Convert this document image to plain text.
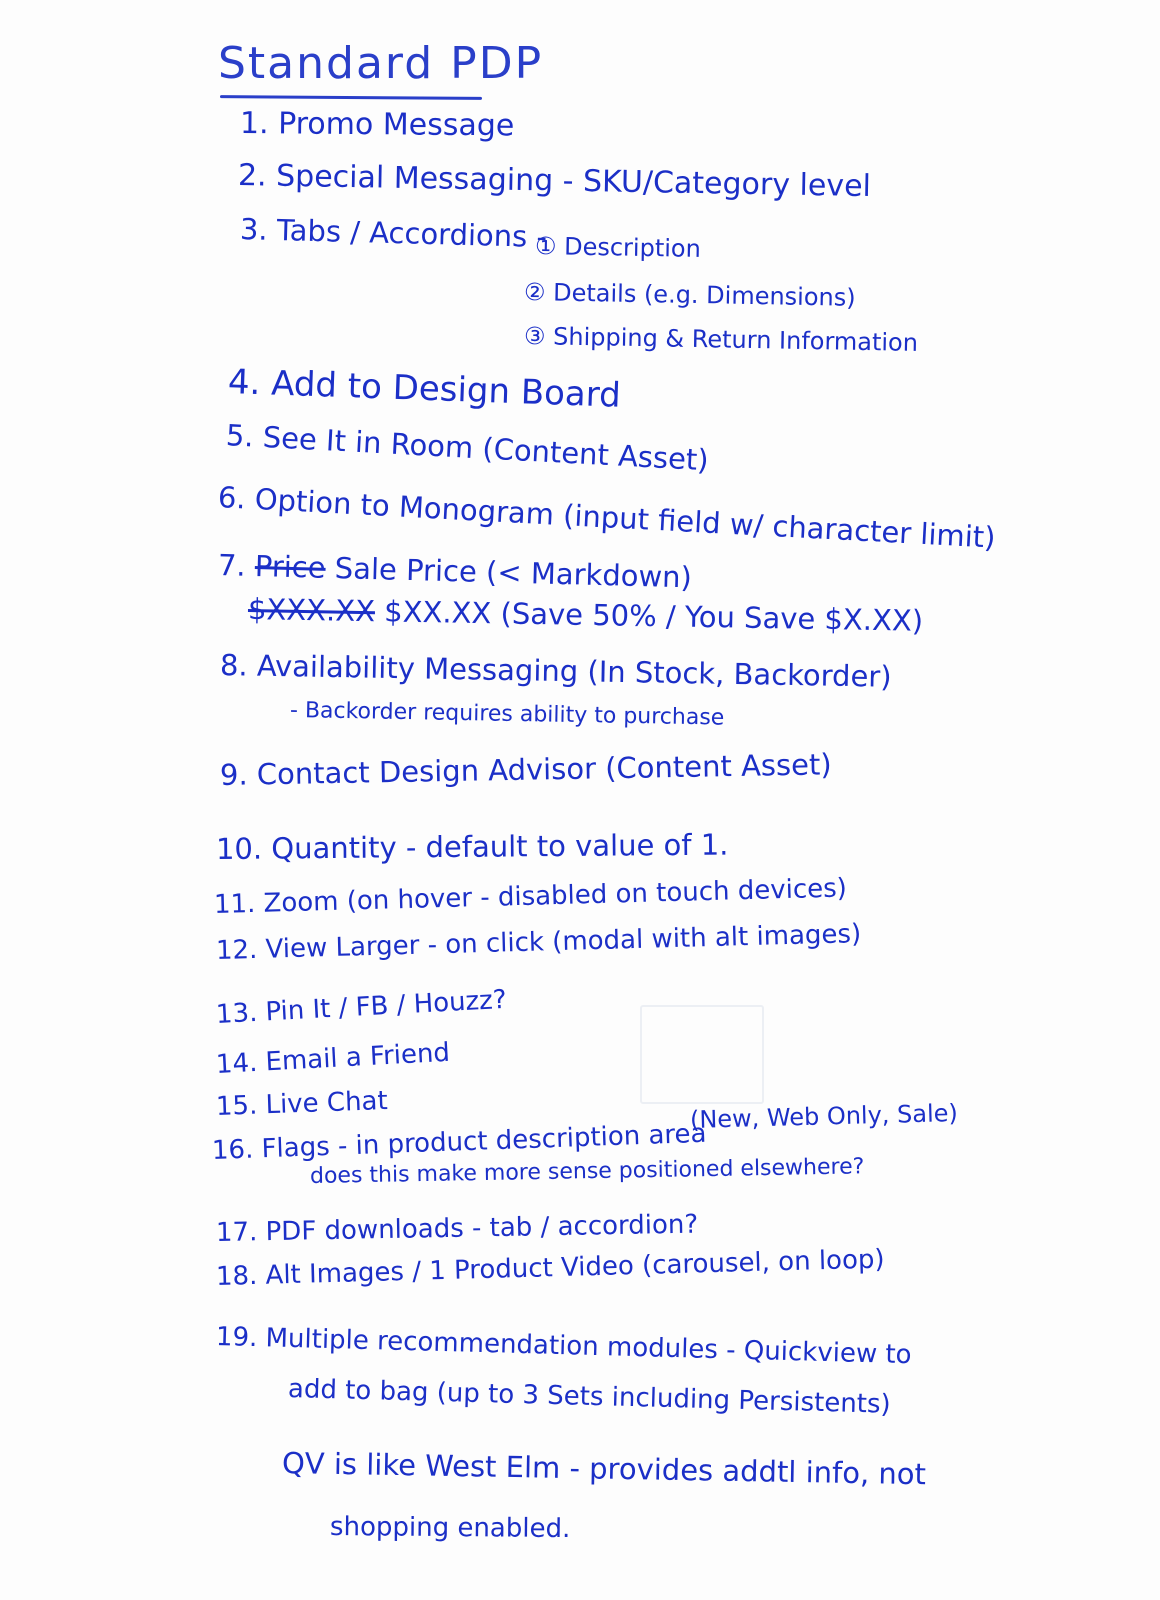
Standard PDP
1. Promo Message
2. Special Messaging - SKU/Category level
3. Tabs / Accordions -
① Description
② Details (e.g. Dimensions)
③ Shipping & Return Information
4. Add to Design Board
5. See It in Room (Content Asset)
6. Option to Monogram (input field w/ character limit)
7. Price Sale Price (< Markdown)
$XXX.XX $XX.XX (Save 50% / You Save $X.XX)
8. Availability Messaging (In Stock, Backorder)
- Backorder requires ability to purchase
9. Contact Design Advisor (Content Asset)
10. Quantity - default to value of 1.
11. Zoom (on hover - disabled on touch devices)
12. View Larger - on click (modal with alt images)
13. Pin It / FB / Houzz?
14. Email a Friend
15. Live Chat	(New, Web Only, Sale)
16. Flags - in product description area
does this make more sense positioned elsewhere?
17. PDF downloads - tab / accordion?
18. Alt Images / 1 Product Video (carousel, on loop)
19. Multiple recommendation modules - Quickview to
add to bag (up to 3 Sets including Persistents)
QV is like West Elm - provides addtl info, not
shopping enabled.
